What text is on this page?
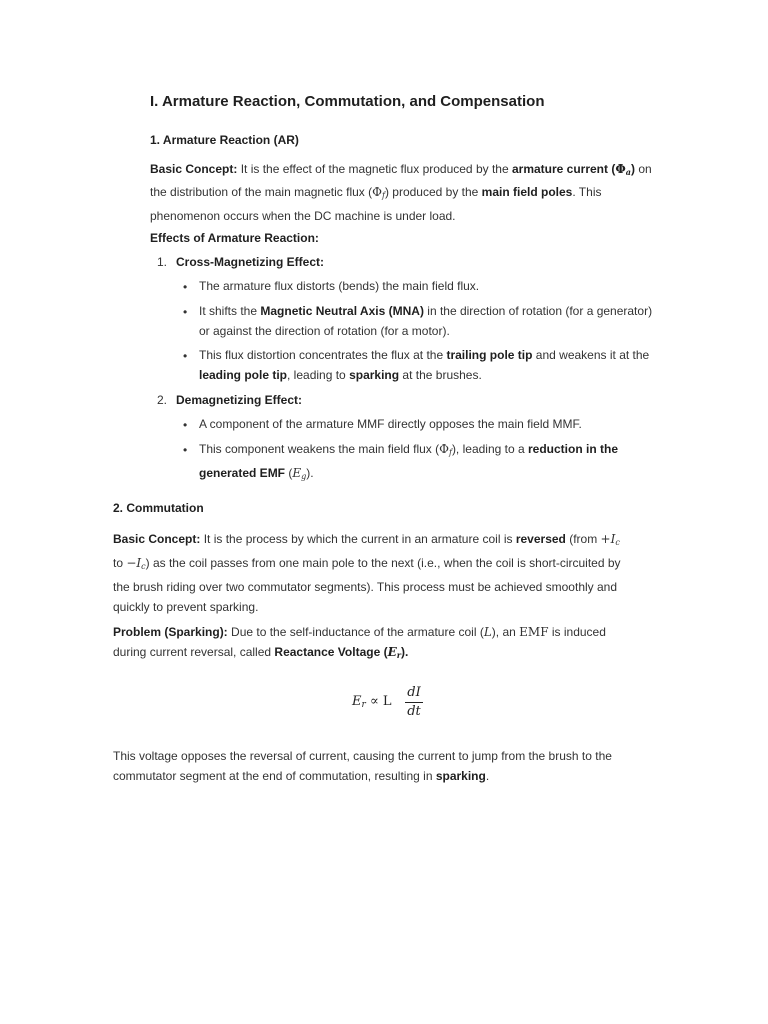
I. Armature Reaction, Commutation, and Compensation
1. Armature Reaction (AR)
Basic Concept: It is the effect of the magnetic flux produced by the armature current $(\Phi_a)$ on
the distribution of the main magnetic flux $(\Phi_f)$ produced by the main field poles. This
phenomenon occurs when the DC machine is under load.
Effects of Armature Reaction:
1. Cross-Magnetizing Effect:
• The armature flux distorts (bends) the main field flux.
• It shifts the Magnetic Neutral Axis (MNA) in the direction of rotation (for a generator)
or against the direction of rotation (for a motor).
• This flux distortion concentrates the flux at the trailing pole tip and weakens it at the
leading pole tip, leading to sparking at the brushes.
2. Demagnetizing Effect:
• A component of the armature MMF directly opposes the main field MMF.
• This component weakens the main field flux $(\Phi_f)$, leading to a reduction in the
generated EMF $(E_g)$.
2. Commutation
Basic Concept: It is the process by which the current in an armature coil is reversed (from $+I_c$
to $-I_c$) as the coil passes from one main pole to the next (i.e., when the coil is short-circuited by
the brush riding over two commutator segments). This process must be achieved smoothly and
quickly to prevent sparking.
Problem (Sparking): Due to the self-inductance of the armature coil (L), an EMF is induced
during current reversal, called Reactance Voltage $(E_r)$.
$E_r \propto L$
dI
dt
This voltage opposes the reversal of current, causing the current to jump from the brush to the
commutator segment at the end of commutation, resulting in sparking.
